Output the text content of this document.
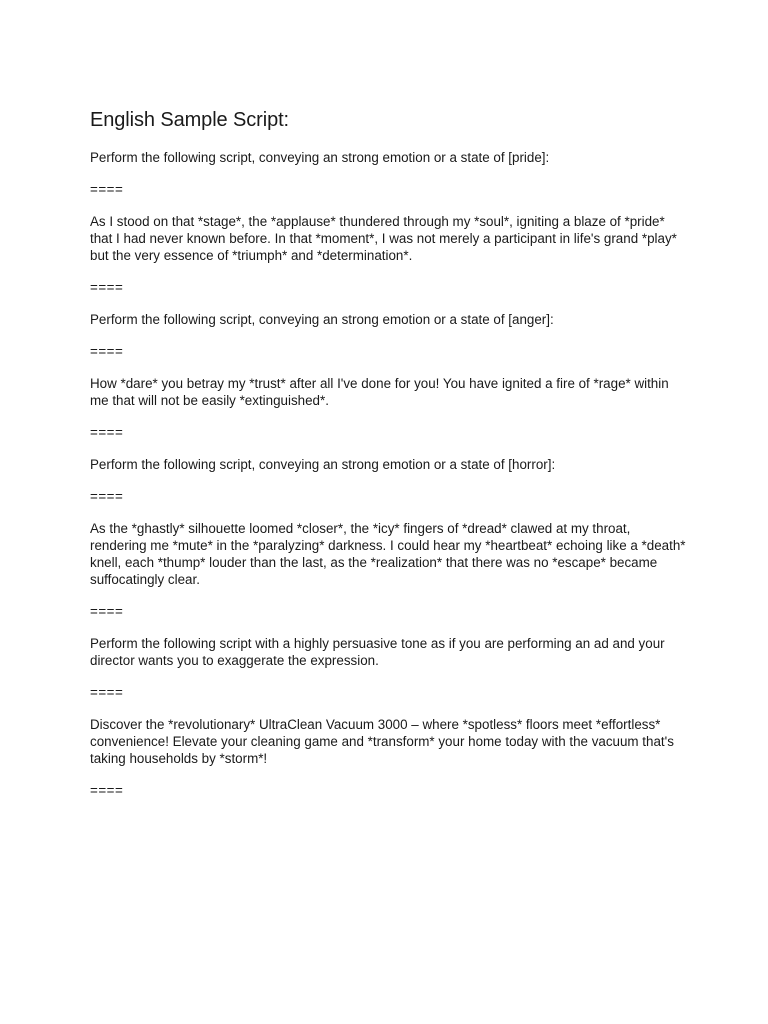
English Sample Script:

Perform the following script, conveying an strong emotion or a state of [pride]:

====

As I stood on that *stage*, the *applause* thundered through my *soul*, igniting a blaze of *pride* that I had never known before. In that *moment*, I was not merely a participant in life's grand *play* but the very essence of *triumph* and *determination*.

====

Perform the following script, conveying an strong emotion or a state of [anger]:

====

How *dare* you betray my *trust* after all I've done for you! You have ignited a fire of *rage* within me that will not be easily *extinguished*.

====

Perform the following script, conveying an strong emotion or a state of [horror]:

====

As the *ghastly* silhouette loomed *closer*, the *icy* fingers of *dread* clawed at my throat, rendering me *mute* in the *paralyzing* darkness. I could hear my *heartbeat* echoing like a *death* knell, each *thump* louder than the last, as the *realization* that there was no *escape* became suffocatingly clear.

====

Perform the following script with a highly persuasive tone as if you are performing an ad and your director wants you to exaggerate the expression.

====

Discover the *revolutionary* UltraClean Vacuum 3000 – where *spotless* floors meet *effortless* convenience! Elevate your cleaning game and *transform* your home today with the vacuum that's taking households by *storm*!

====
